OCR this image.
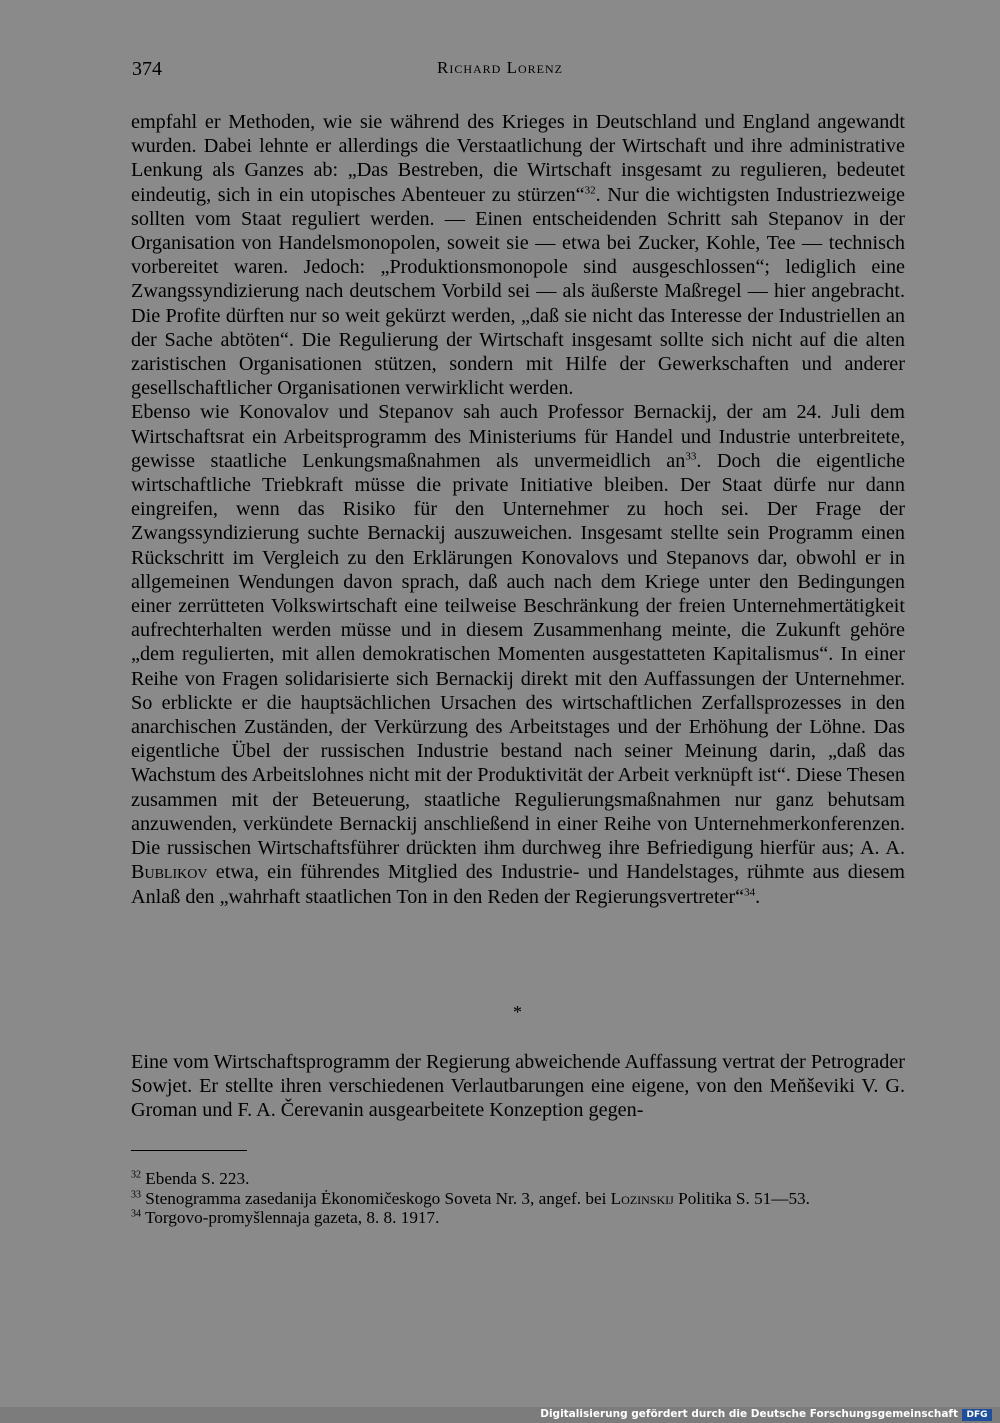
374	Richard Lorenz

empfahl er Methoden, wie sie während des Krieges in Deutschland und England angewandt wurden. Dabei lehnte er allerdings die Verstaatlichung der Wirtschaft und ihre administrative Lenkung als Ganzes ab: „Das Bestreben, die Wirtschaft insgesamt zu regulieren, bedeutet eindeutig, sich in ein utopisches Abenteuer zu stürzen“$^{32}$. Nur die wichtigsten Industriezweige sollten vom Staat reguliert werden. — Einen entscheidenden Schritt sah Stepanov in der Organisation von Handelsmonopolen, soweit sie — etwa bei Zucker, Kohle, Tee — technisch vorbereitet waren. Jedoch: „Produktionsmonopole sind ausgeschlossen“; lediglich eine Zwangssyndizierung nach deutschem Vorbild sei — als äußerste Maßregel — hier angebracht. Die Profite dürften nur so weit gekürzt werden, „daß sie nicht das Interesse der Industriellen an der Sache abtöten“. Die Regulierung der Wirtschaft insgesamt sollte sich nicht auf die alten zaristischen Organisationen stützen, sondern mit Hilfe der Gewerkschaften und anderer gesellschaftlicher Organisationen verwirklicht werden.

Ebenso wie Konovalov und Stepanov sah auch Professor Bernackij, der am 24. Juli dem Wirtschaftsrat ein Arbeitsprogramm des Ministeriums für Handel und Industrie unterbreitete, gewisse staatliche Lenkungsmaßnahmen als unvermeidlich $an^{33}$. Doch die eigentliche wirtschaftliche Triebkraft müsse die private Initiative bleiben. Der Staat dürfe nur dann eingreifen, wenn das Risiko für den Unternehmer zu hoch sei. Der Frage der Zwangssyndizierung suchte Bernackij auszuweichen. Insgesamt stellte sein Programm einen Rückschritt im Vergleich zu den Erklärungen Konovalovs und Stepanovs dar, obwohl er in allgemeinen Wendungen davon sprach, daß auch nach dem Kriege unter den Bedingungen einer zerrütteten Volkswirtschaft eine teilweise Beschränkung der freien Unternehmertätigkeit aufrechterhalten werden müsse und in diesem Zusammenhang meinte, die Zukunft gehöre „dem regulierten, mit allen demokratischen Momenten ausgestatteten Kapitalismus“. In einer Reihe von Fragen solidarisierte sich Bernackij direkt mit den Auffassungen der Unternehmer. So erblickte er die hauptsächlichen Ursachen des wirtschaftlichen Zerfallsprozesses in den anarchischen Zuständen, der Verkürzung des Arbeitstages und der Erhöhung der Löhne. Das eigentliche Übel der russischen Industrie bestand nach seiner Meinung darin, „daß das Wachstum des Arbeitslohnes nicht mit der Produktivität der Arbeit verknüpft ist“. Diese Thesen zusammen mit der Beteuerung, staatliche Regulierungsmaßnahmen nur ganz behutsam anzuwenden, verkündete Bernackij anschließend in einer Reihe von Unternehmerkonferenzen. Die russischen Wirtschaftsführer drückten ihm durchweg ihre Befriedigung hierfür aus; A. A. Bublikov etwa, ein führendes Mitglied des Industrie- und Handelstages, rühmte aus diesem Anlaß den „wahrhaft staatlichen Ton in den Reden der Regierungsvertreter“$^{34}$.

*

Eine vom Wirtschaftsprogramm der Regierung abweichende Auffassung vertrat der Petrograder Sowjet. Er stellte ihren verschiedenen Verlautbarungen eine eigene, von den Men̆ševiki V. G. Groman und F. A. Čerevanin ausgearbeitete Konzeption gegen-

$^{32}$ Ebenda S. 223.

$^{33}$ Stenogramma zasedanija Ėkonomičeskogo Soveta Nr. 3, angef. bei Lozinskij Politika S. 51—53.

$^{34}$ Torgovo-promyšlennaja gazeta, 8. 8. 1917.

Digitalisierung gefördert durch die Deutsche Forschungsgemeinschaft DFG
